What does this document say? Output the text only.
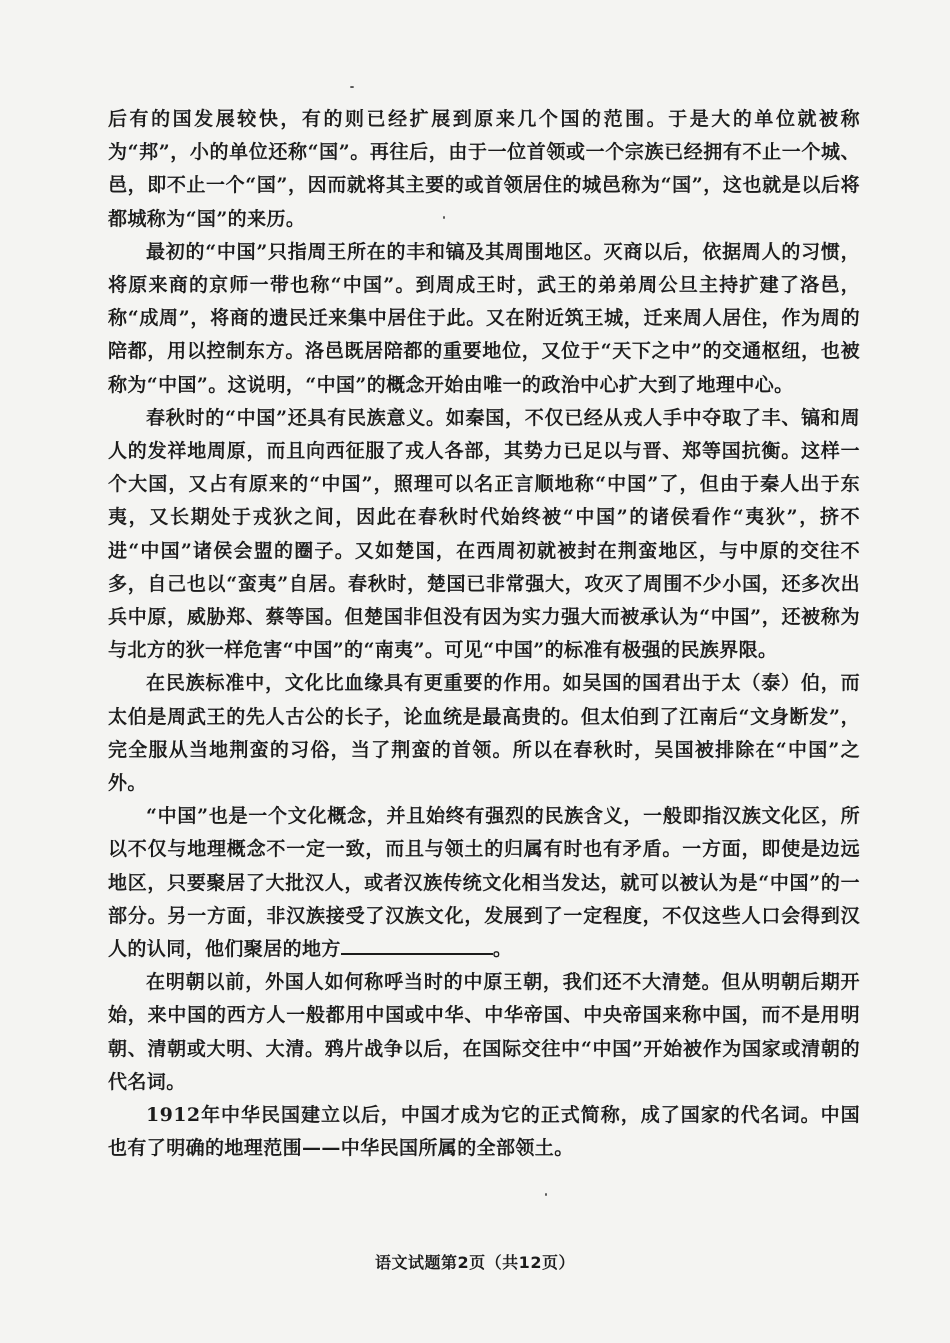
后有的国发展较快，有的则已经扩展到原来几个国的范围。于是大的单位就被称为“邦”，小的单位还称“国”。再往后，由于一位首领或一个宗族已经拥有不止一个城、邑，即不止一个“国”，因而就将其主要的或首领居住的城邑称为“国”，这也就是以后将都城称为“国”的来历。

最初的“中国”只指周王所在的丰和镐及其周围地区。灭商以后，依据周人的习惯，将原来商的京师一带也称“中国”。到周成王时，武王的弟弟周公旦主持扩建了洛邑，称“成周”，将商的遗民迁来集中居住于此。又在附近筑王城，迁来周人居住，作为周的陪都，用以控制东方。洛邑既居陪都的重要地位，又位于“天下之中”的交通枢纽，也被称为“中国”。这说明，“中国”的概念开始由唯一的政治中心扩大到了地理中心。

春秋时的“中国”还具有民族意义。如秦国，不仅已经从戎人手中夺取了丰、镐和周人的发祥地周原，而且向西征服了戎人各部，其势力已足以与晋、郑等国抗衡。这样一个大国，又占有原来的“中国”，照理可以名正言顺地称“中国”了，但由于秦人出于东夷，又长期处于戎狄之间，因此在春秋时代始终被“中国”的诸侯看作“夷狄”，挤不进“中国”诸侯会盟的圈子。又如楚国，在西周初就被封在荆蛮地区，与中原的交往不多，自己也以“蛮夷”自居。春秋时，楚国已非常强大，攻灭了周围不少小国，还多次出兵中原，威胁郑、蔡等国。但楚国非但没有因为实力强大而被承认为“中国”，还被称为与北方的狄一样危害“中国”的“南夷”。可见“中国”的标准有极强的民族界限。

在民族标准中，文化比血缘具有更重要的作用。如吴国的国君出于太（泰）伯，而太伯是周武王的先人古公的长子，论血统是最高贵的。但太伯到了江南后“文身断发”，完全服从当地荆蛮的习俗，当了荆蛮的首领。所以在春秋时，吴国被排除在“中国”之外。

“中国”也是一个文化概念，并且始终有强烈的民族含义，一般即指汉族文化区，所以不仅与地理概念不一定一致，而且与领土的归属有时也有矛盾。一方面，即使是边远地区，只要聚居了大批汉人，或者汉族传统文化相当发达，就可以被认为是“中国”的一部分。另一方面，非汉族接受了汉族文化，发展到了一定程度，不仅这些人口会得到汉人的认同，他们聚居的地方	。

在明朝以前，外国人如何称呼当时的中原王朝，我们还不大清楚。但从明朝后期开始，来中国的西方人一般都用中国或中华、中华帝国、中央帝国来称中国，而不是用明朝、清朝或大明、大清。鸦片战争以后，在国际交往中“中国”开始被作为国家或清朝的代名词。

1912年中华民国建立以后，中国才成为它的正式简称，成了国家的代名词。中国也有了明确的地理范围——中华民国所属的全部领土。

语文试题第2页（共12页）
